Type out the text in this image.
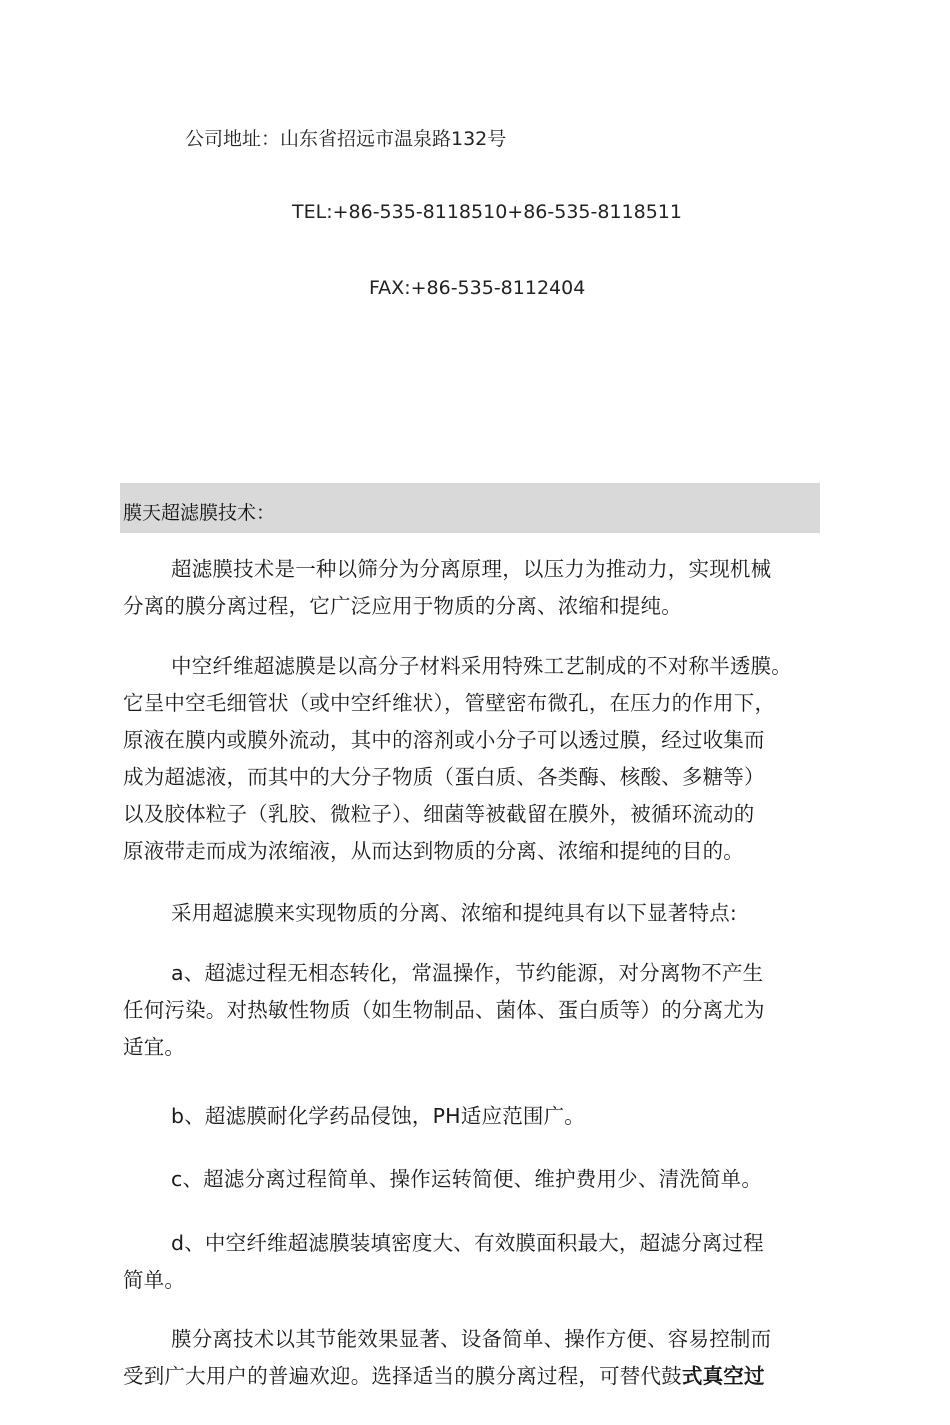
公司地址：山东省招远市温泉路132号
TEL:+86-535-8118510+86-535-8118511
FAX:+86-535-8112404
膜天超滤膜技术：
超滤膜技术是一种以筛分为分离原理，以压力为推动力，实现机械
分离的膜分离过程，它广泛应用于物质的分离、浓缩和提纯。
中空纤维超滤膜是以高分子材料采用特殊工艺制成的不对称半透膜。
它呈中空毛细管状（或中空纤维状），管壁密布微孔，在压力的作用下，
原液在膜内或膜外流动，其中的溶剂或小分子可以透过膜，经过收集而
成为超滤液，而其中的大分子物质（蛋白质、各类酶、核酸、多糖等）
以及胶体粒子（乳胶、微粒子）、细菌等被截留在膜外，被循环流动的
原液带走而成为浓缩液，从而达到物质的分离、浓缩和提纯的目的。
采用超滤膜来实现物质的分离、浓缩和提纯具有以下显著特点:
a、超滤过程无相态转化，常温操作，节约能源，对分离物不产生
任何污染。对热敏性物质（如生物制品、菌体、蛋白质等）的分离尤为
适宜。
b、超滤膜耐化学药品侵蚀，PH适应范围广。
c、超滤分离过程简单、操作运转简便、维护费用少、清洗简单。
d、中空纤维超滤膜装填密度大、有效膜面积最大，超滤分离过程
简单。
膜分离技术以其节能效果显著、设备简单、操作方便、容易控制而
受到广大用户的普遍欢迎。选择适当的膜分离过程，可替代鼓式真空过
